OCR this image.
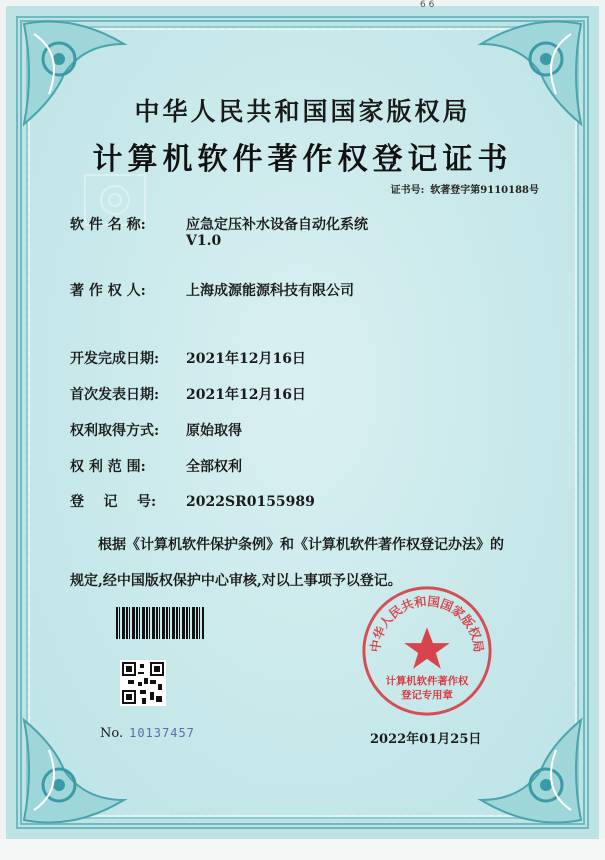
6 6
中华人民共和国国家版权局
计算机软件著作权登记证书
证书号: 软著登字第9110188号
软 件 名 称:	应急定压补水设备自动化系统
V1.0
著 作 权 人:	上海成源能源科技有限公司
开发完成日期: 2021年12月16日
首次发表日期: 2021年12月16日
权利取得方式: 原始取得
权 利 范 围:	全部权利
登    记    号: 2022SR0155989
根据《计算机软件保护条例》和《计算机软件著作权登记办法》的
规定,经中国版权保护中心审核,对以上事项予以登记。
No. 10137457
中华人民共和国国家版权局
计算机软件著作权
登记专用章
2022年01月25日
